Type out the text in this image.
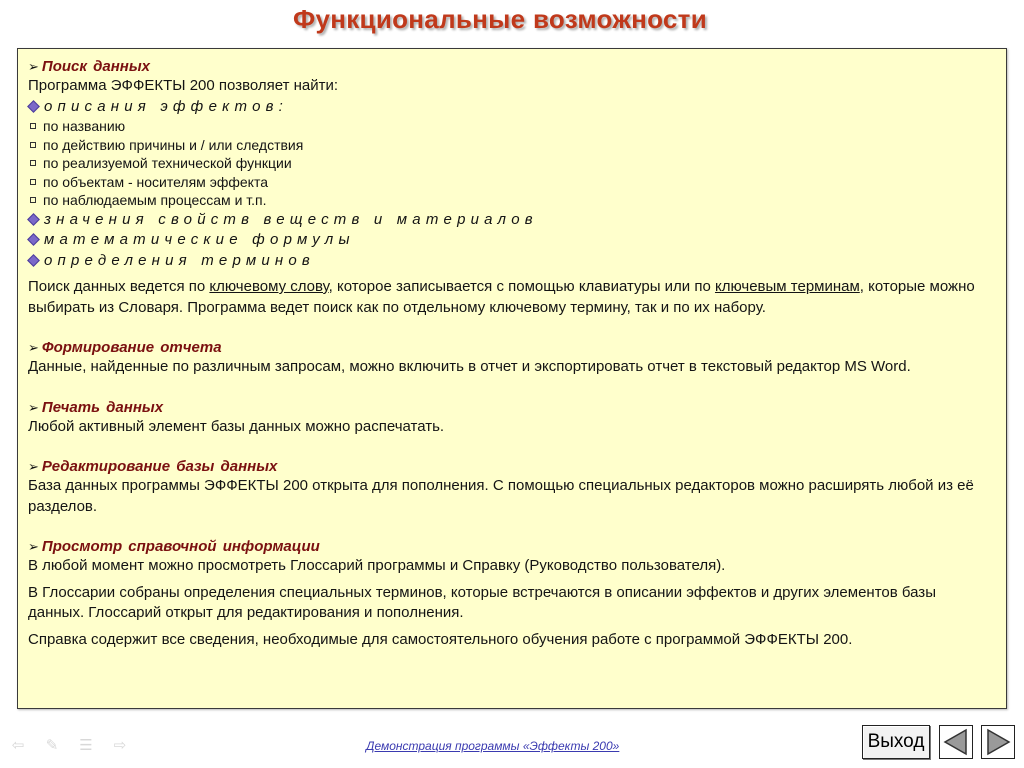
Функциональные возможности
➢ Поиск данных
Программа ЭФФЕКТЫ 200 позволяет найти:
описания эффектов:
по названию
по действию причины и / или следствия
по реализуемой технической функции
по объектам - носителям эффекта
по наблюдаемым процессам и т.п.
значения свойств веществ и материалов
математические формулы
определения терминов
Поиск данных ведется по ключевому слову, которое записывается с помощью клавиатуры или по ключевым терминам, которые можно выбирать из Словаря. Программа ведет поиск как по отдельному ключевому термину, так и по их набору.
➢ Формирование отчета
Данные, найденные по различным запросам, можно включить в отчет и экспортировать отчет в текстовый редактор MS Word.
➢ Печать данных
Любой активный элемент базы данных можно распечатать.
➢ Редактирование базы данных
База данных программы ЭФФЕКТЫ 200 открыта для пополнения. С помощью специальных редакторов можно расширять любой из её разделов.
➢ Просмотр справочной информации
В любой момент можно просмотреть Глоссарий программы и Справку (Руководство пользователя).
В Глоссарии собраны определения специальных терминов, которые встречаются в описании эффектов и других элементов базы данных. Глоссарий открыт для редактирования и пополнения.
Справка содержит все сведения, необходимые для самостоятельного обучения работе с программой ЭФФЕКТЫ 200.
⇦ ✎ ☰ ⇨	Демонстрация программы «Эффекты 200»	Выход
